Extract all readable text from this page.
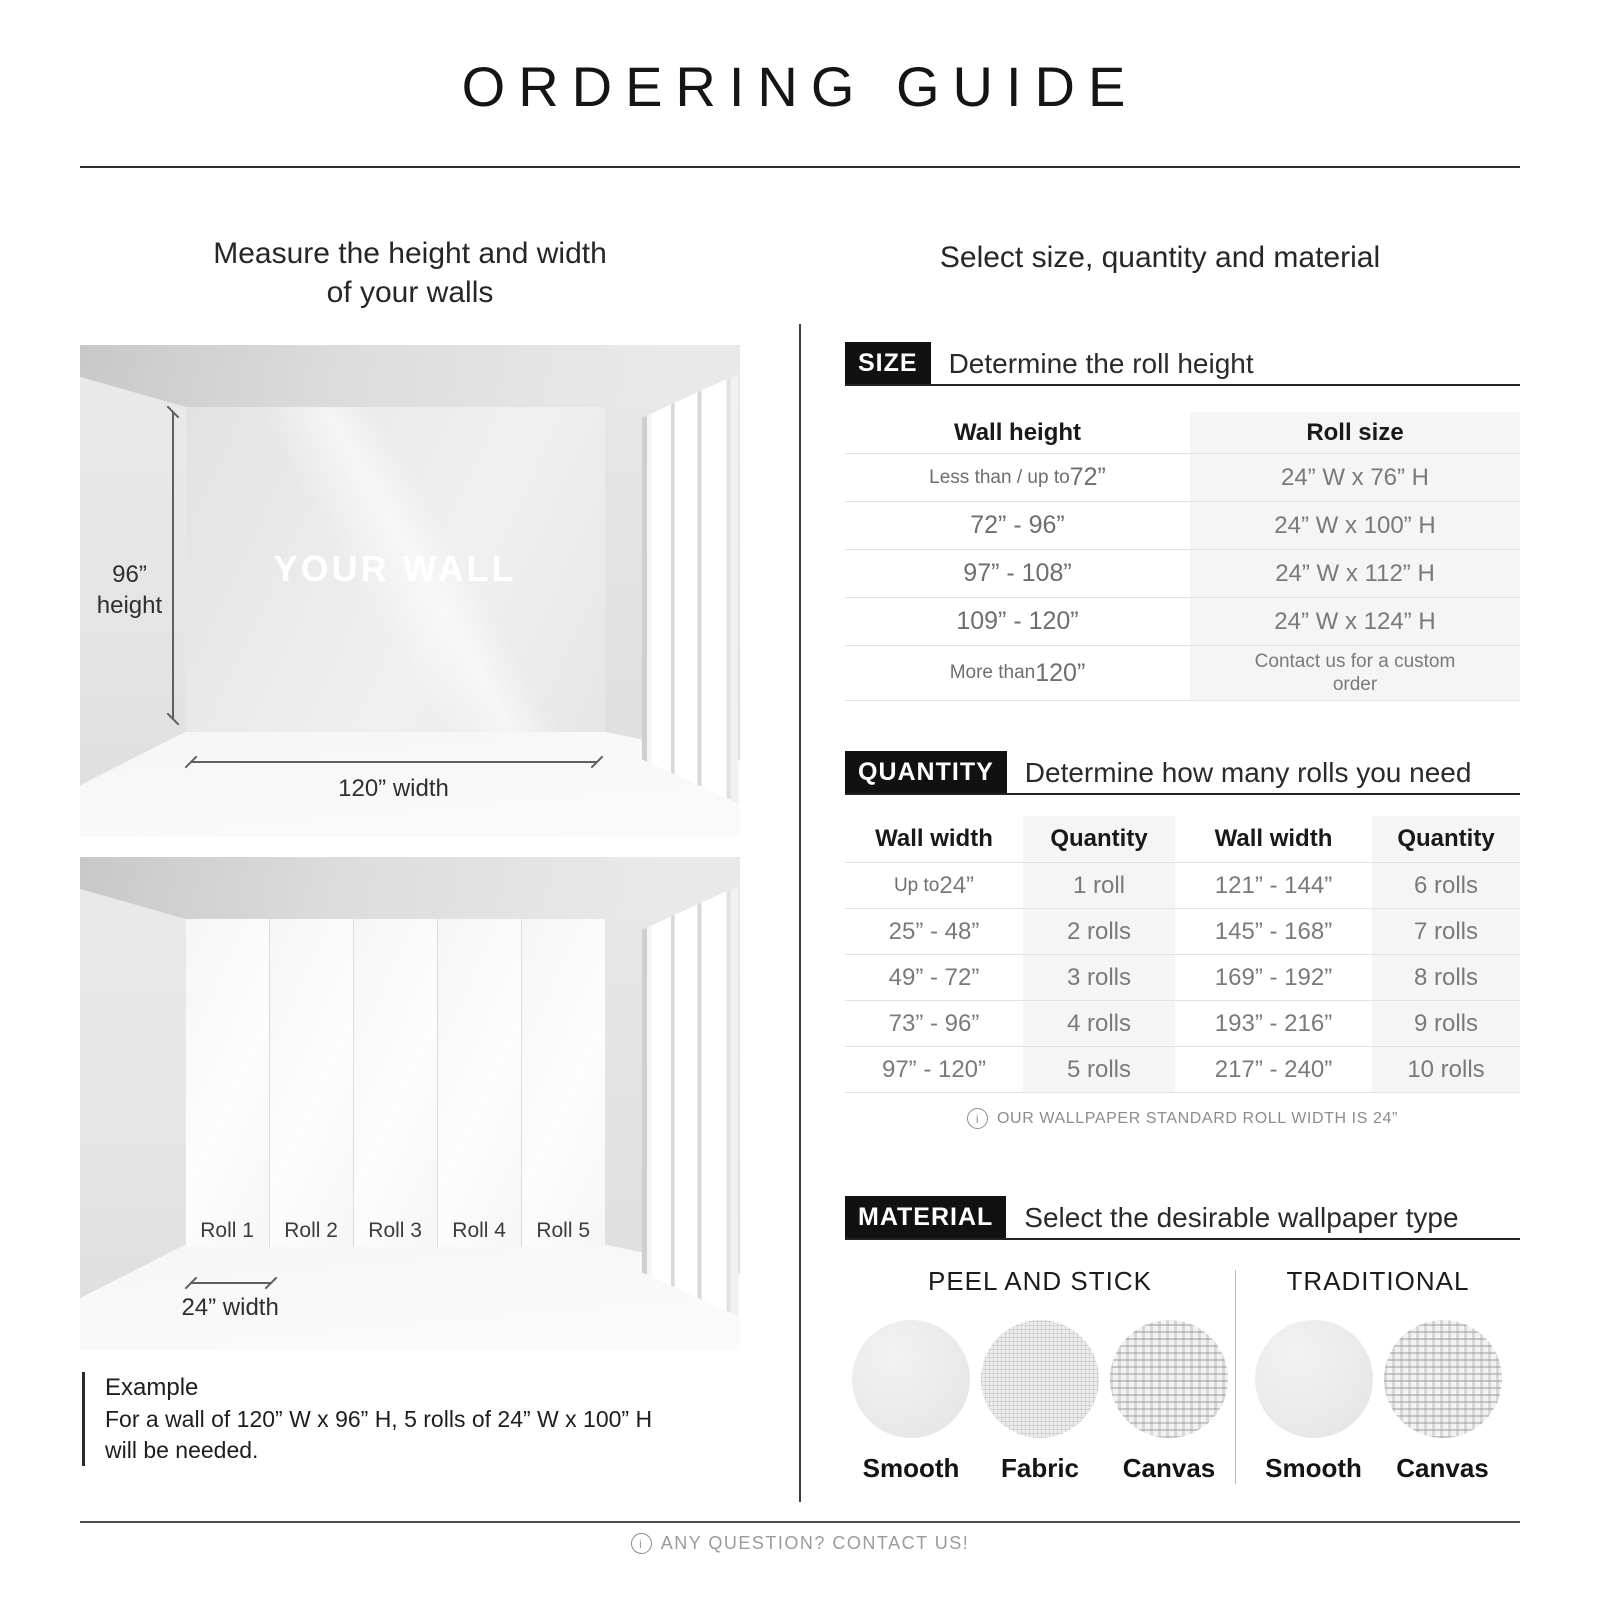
ORDERING GUIDE
Measure the height and width
of your walls
Select size, quantity and material
YOUR WALL
96”
height
120” width
Roll 1	Roll 2	Roll 3	Roll 4	Roll 5
24” width
Example
For a wall of 120” W x 96” H, 5 rolls of 24” W x 100” H
will be needed.
SIZE	Determine the roll height
Wall height	Roll size
Less than / up to 72”	24” W x 76” H
72” - 96”	24” W x 100” H
97” - 108”	24” W x 112” H
109” - 120”	24” W x 124” H
More than 120”	Contact us for a custom order
QUANTITY	Determine how many rolls you need
Wall width	Quantity	Wall width	Quantity
Up to 24”	1 roll	121” - 144”	6 rolls
25” - 48”	2 rolls	145” - 168”	7 rolls
49” - 72”	3 rolls	169” - 192”	8 rolls
73” - 96”	4 rolls	193” - 216”	9 rolls
97” - 120”	5 rolls	217” - 240”	10 rolls
i	OUR WALLPAPER STANDARD ROLL WIDTH IS 24”
MATERIAL	Select the desirable wallpaper type
PEEL AND STICK
Smooth Fabric Canvas
TRADITIONAL
Smooth Canvas
i ANY QUESTION? CONTACT US!
